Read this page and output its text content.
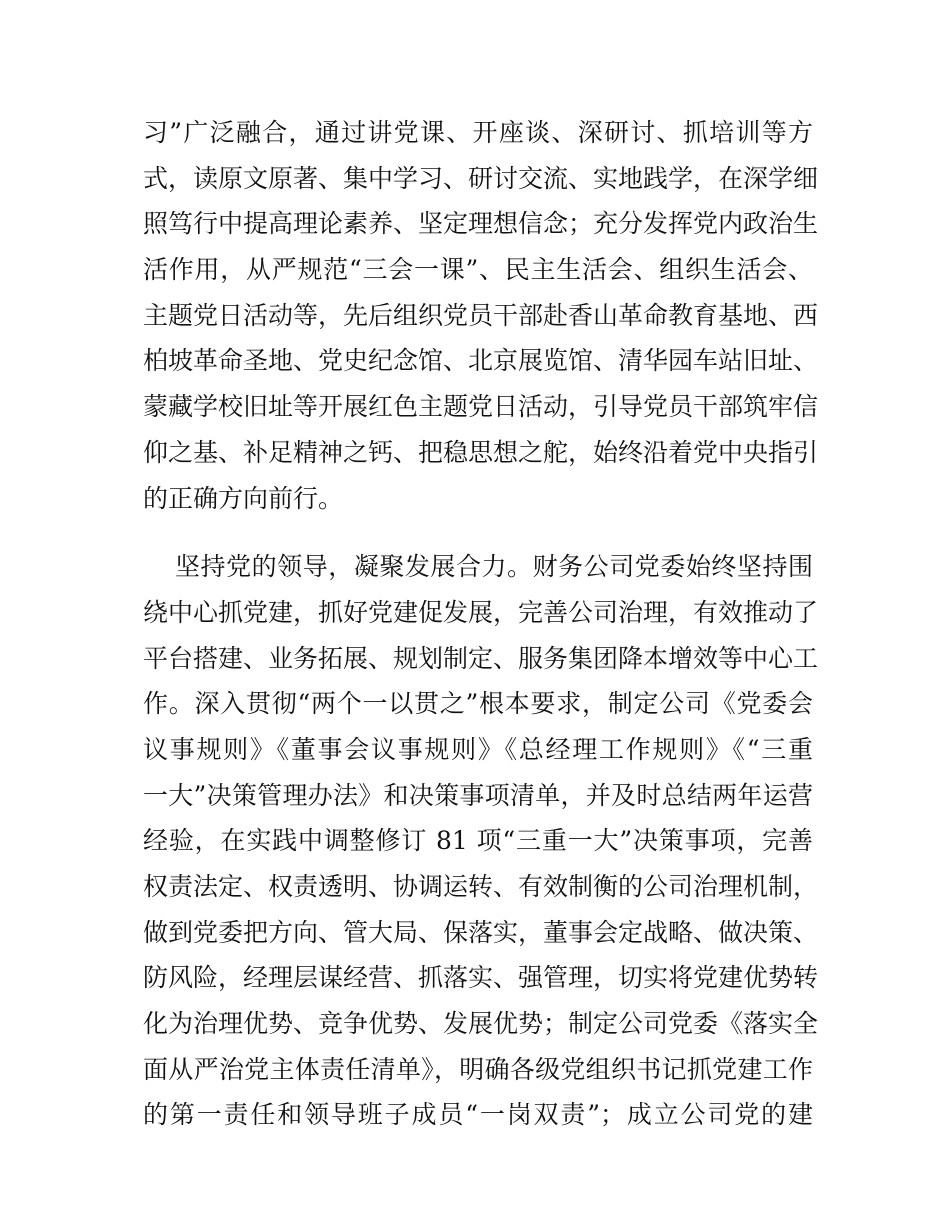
习”广泛融合，通过讲党课、开座谈、深研讨、抓培训等方
式，读原文原著、集中学习、研讨交流、实地践学，在深学细
照笃行中提高理论素养、坚定理想信念；充分发挥党内政治生
活作用，从严规范“三会一课”、民主生活会、组织生活会、
主题党日活动等，先后组织党员干部赴香山革命教育基地、西
柏坡革命圣地、党史纪念馆、北京展览馆、清华园车站旧址、
蒙藏学校旧址等开展红色主题党日活动，引导党员干部筑牢信
仰之基、补足精神之钙、把稳思想之舵，始终沿着党中央指引
的正确方向前行。
坚持党的领导，凝聚发展合力。财务公司党委始终坚持围
绕中心抓党建，抓好党建促发展，完善公司治理，有效推动了
平台搭建、业务拓展、规划制定、服务集团降本增效等中心工
作。深入贯彻“两个一以贯之”根本要求，制定公司《党委会
议事规则》《董事会议事规则》《总经理工作规则》《“三重
一大”决策管理办法》和决策事项清单，并及时总结两年运营
经验，在实践中调整修订 81 项“三重一大”决策事项，完善
权责法定、权责透明、协调运转、有效制衡的公司治理机制，
做到党委把方向、管大局、保落实，董事会定战略、做决策、
防风险，经理层谋经营、抓落实、强管理，切实将党建优势转
化为治理优势、竞争优势、发展优势；制定公司党委《落实全
面从严治党主体责任清单》，明确各级党组织书记抓党建工作
的第一责任和领导班子成员“一岗双责”；成立公司党的建
